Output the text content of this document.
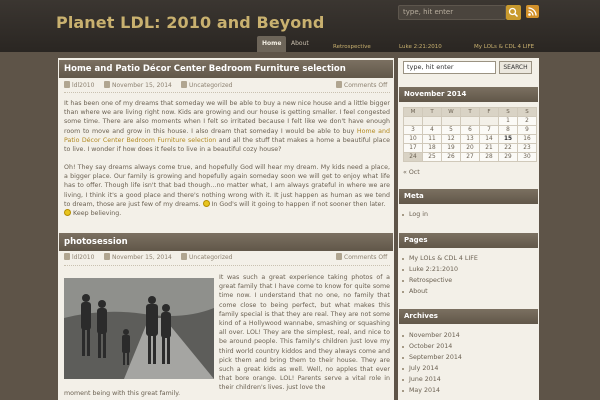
Planet LDL: 2010 and Beyond
type, hit enter
Home	About	Retrospective	Luke 2:21:2010	My LOLs & CDL 4 LIFE
Home and Patio Décor Center Bedroom Furniture selection
ldl2010	November 15, 2014	Uncategorized	Comments Off
It has been one of my dreams that someday we will be able to buy a new nice house and a little bigger than where we are living right now. Kids are growing and our house is getting smaller. I feel congested some time. There are also moments when I felt so irritated because I felt like we don't have enough room to move and grow in this house. I also dream that someday I would be able to buy Home and Patio Décor Center Bedroom Furniture selection and all the stuff that makes a home a beautiful place to live. I wonder if how does it feels to live in a beautiful cozy house?
Oh! They say dreams always come true, and hopefully God will hear my dream. My kids need a place, a bigger place. Our family is growing and hopefully again someday soon we will get to enjoy what life has to offer. Though life isn't that bad though…no matter what, I am always grateful in where we are living, I think it's a good place and there's nothing wrong with it. It just happen as human as we tend to dream, those are just few of my dreams.  In God's will it going to happen if not sooner then later.
Keep believing.
photosession
ldl2010	November 15, 2014	Uncategorized	Comments Off
It was such a great experience taking photos of a great family that I have come to know for quite some time now. I understand that no one, no family that come close to being perfect, but what makes this family special is that they are real. They are not some kind of a Hollywood wannabe, smashing or squashing all over. LOL! They are the simplest, real, and nice to be around people. This family's children just love my third world country kiddos and they always come and pick them and bring them to their house. They are such a great kids as well. Well, no apples that ever that bore orange. LOL! Parents serve a vital role in their children's lives. just love the
moment being with this great family.
type, hit enter	SEARCH
November 2014
M	T	W	T	F	S	S
					1	2
3	4	5	6	7	8	9
10	11	12	13	14	15	16
17	18	19	20	21	22	23
24	25	26	27	28	29	30
« Oct
Meta
Log in
Pages
My LOLs & CDL 4 LIFE
Luke 2:21:2010
Retrospective
About
Archives
November 2014
October 2014
September 2014
July 2014
June 2014
May 2014
